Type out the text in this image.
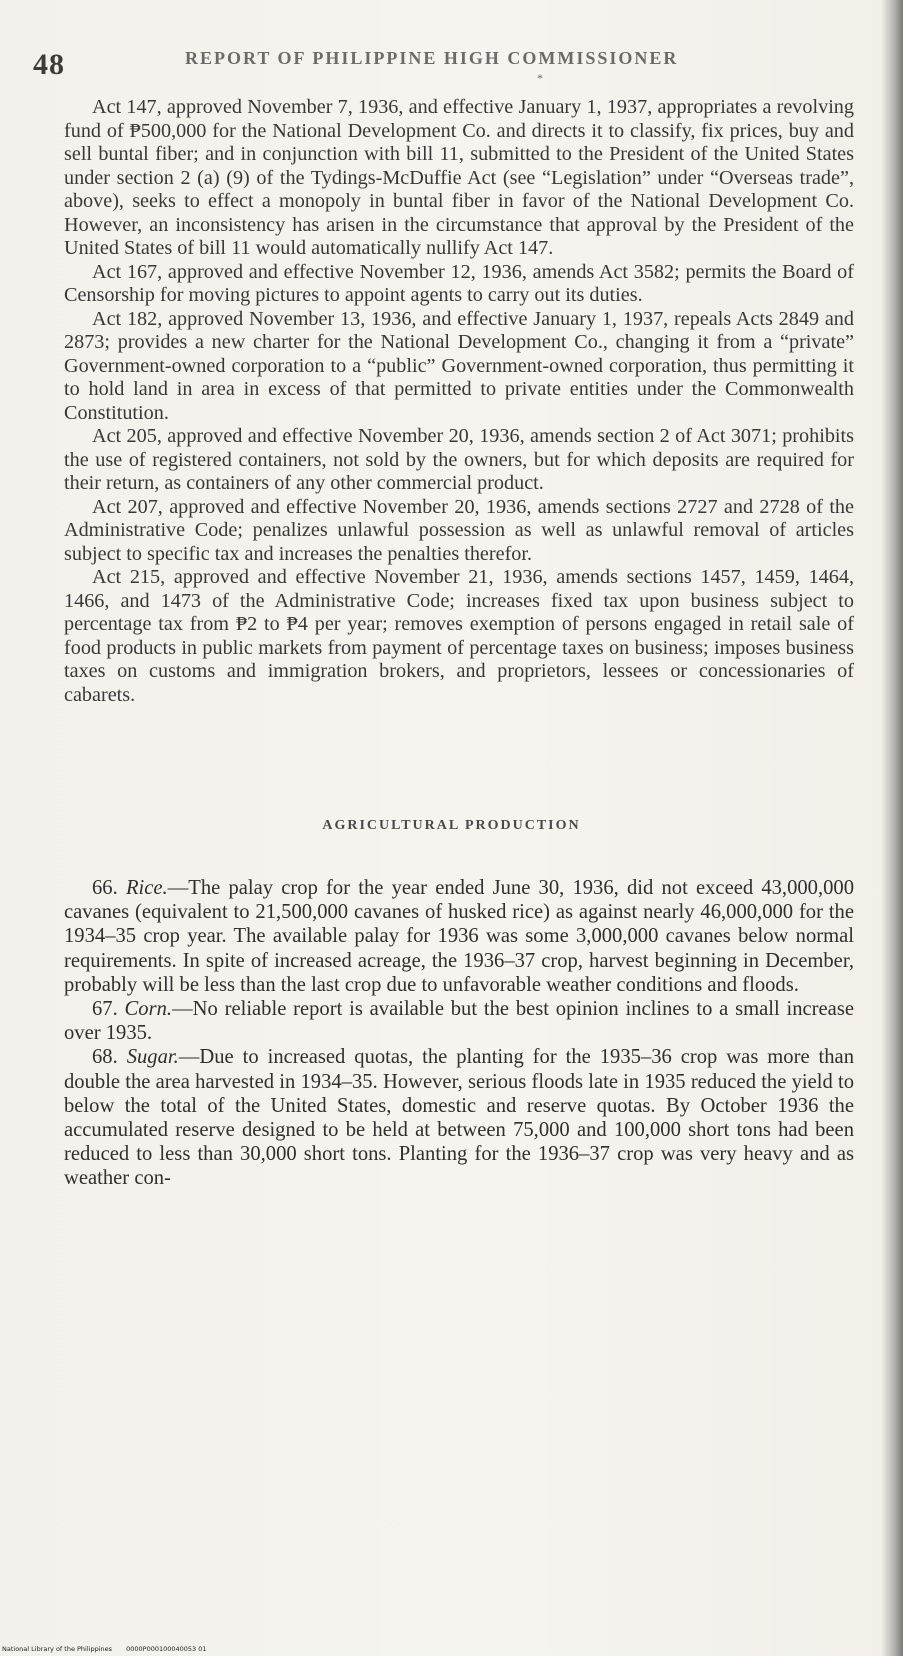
48	REPORT OF PHILIPPINE HIGH COMMISSIONER
*

Act 147, approved November 7, 1936, and effective January 1, 1937, appropriates a revolving fund of ₱500,000 for the National Development Co. and directs it to classify, fix prices, buy and sell buntal fiber; and in conjunction with bill 11, submitted to the President of the United States under section 2 (a) (9) of the Tydings-McDuffie Act (see “Legislation” under “Overseas trade”, above), seeks to effect a monopoly in buntal fiber in favor of the National Development Co. However, an inconsistency has arisen in the circumstance that approval by the President of the United States of bill 11 would automatically nullify Act 147.

Act 167, approved and effective November 12, 1936, amends Act 3582; permits the Board of Censorship for moving pictures to appoint agents to carry out its duties.

Act 182, approved November 13, 1936, and effective January 1, 1937, repeals Acts 2849 and 2873; provides a new charter for the National Development Co., changing it from a “private” Government-owned corporation to a “public” Government-owned corporation, thus permitting it to hold land in area in excess of that permitted to private entities under the Commonwealth Constitution.

Act 205, approved and effective November 20, 1936, amends section 2 of Act 3071; prohibits the use of registered containers, not sold by the owners, but for which deposits are required for their return, as containers of any other commercial product.

Act 207, approved and effective November 20, 1936, amends sections 2727 and 2728 of the Administrative Code; penalizes unlawful possession as well as unlawful removal of articles subject to specific tax and increases the penalties therefor.

Act 215, approved and effective November 21, 1936, amends sections 1457, 1459, 1464, 1466, and 1473 of the Administrative Code; increases fixed tax upon business subject to percentage tax from ₱2 to ₱4 per year; removes exemption of persons engaged in retail sale of food products in public markets from payment of percentage taxes on business; imposes business taxes on customs and immigration brokers, and proprietors, lessees or concessionaries of cabarets.

AGRICULTURAL PRODUCTION

66. Rice.—The palay crop for the year ended June 30, 1936, did not exceed 43,000,000 cavanes (equivalent to 21,500,000 cavanes of husked rice) as against nearly 46,000,000 for the 1934–35 crop year. The available palay for 1936 was some 3,000,000 cavanes below normal requirements. In spite of increased acreage, the 1936–37 crop, harvest beginning in December, probably will be less than the last crop due to unfavorable weather conditions and floods.

67. Corn.—No reliable report is available but the best opinion inclines to a small increase over 1935.

68. Sugar.—Due to increased quotas, the planting for the 1935–36 crop was more than double the area harvested in 1934–35. However, serious floods late in 1935 reduced the yield to below the total of the United States, domestic and reserve quotas. By October 1936 the accumulated reserve designed to be held at between 75,000 and 100,000 short tons had been reduced to less than 30,000 short tons. Planting for the 1936–37 crop was very heavy and as weather con-

National Library of the Philippines 0000P000100040053 01
